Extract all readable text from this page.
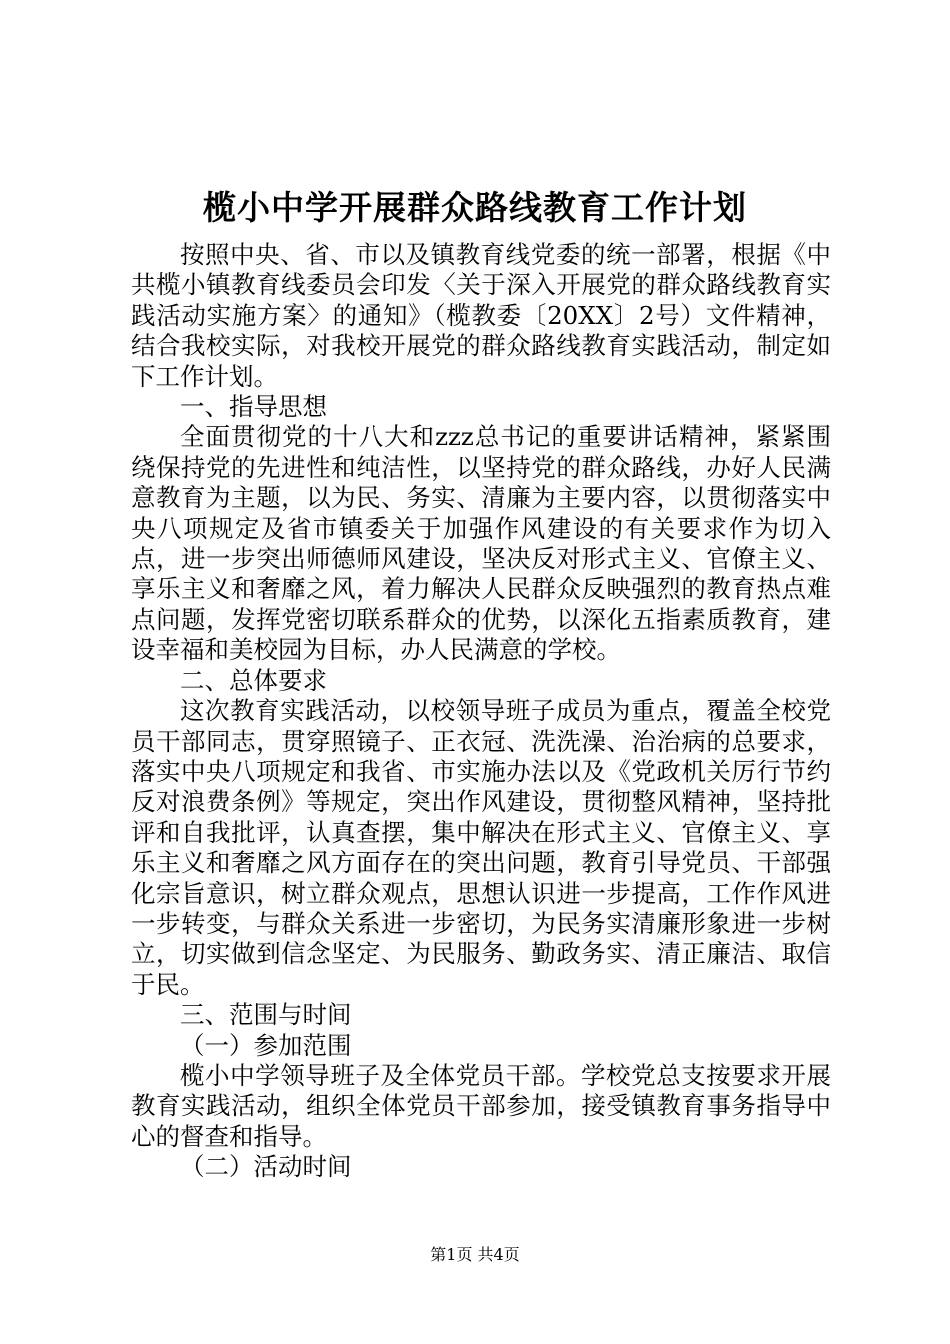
榄小中学开展群众路线教育工作计划

按照中央、省、市以及镇教育线党委的统一部署，根据《中共榄小镇教育线委员会印发〈关于深入开展党的群众路线教育实践活动实施方案〉的通知》（榄教委〔20XX〕2号）文件精神，结合我校实际，对我校开展党的群众路线教育实践活动，制定如下工作计划。

一、指导思想

全面贯彻党的十八大和zzz总书记的重要讲话精神，紧紧围绕保持党的先进性和纯洁性，以坚持党的群众路线，办好人民满意教育为主题，以为民、务实、清廉为主要内容，以贯彻落实中央八项规定及省市镇委关于加强作风建设的有关要求作为切入点，进一步突出师德师风建设，坚决反对形式主义、官僚主义、享乐主义和奢靡之风，着力解决人民群众反映强烈的教育热点难点问题，发挥党密切联系群众的优势，以深化五指素质教育，建设幸福和美校园为目标，办人民满意的学校。

二、总体要求

这次教育实践活动，以校领导班子成员为重点，覆盖全校党员干部同志，贯穿照镜子、正衣冠、洗洗澡、治治病的总要求，落实中央八项规定和我省、市实施办法以及《党政机关厉行节约反对浪费条例》等规定，突出作风建设，贯彻整风精神，坚持批评和自我批评，认真查摆，集中解决在形式主义、官僚主义、享乐主义和奢靡之风方面存在的突出问题，教育引导党员、干部强化宗旨意识，树立群众观点，思想认识进一步提高，工作作风进一步转变，与群众关系进一步密切，为民务实清廉形象进一步树立，切实做到信念坚定、为民服务、勤政务实、清正廉洁、取信于民。

三、范围与时间

（一）参加范围

榄小中学领导班子及全体党员干部。学校党总支按要求开展教育实践活动，组织全体党员干部参加，接受镇教育事务指导中心的督查和指导。

（二）活动时间

第1页 共4页
